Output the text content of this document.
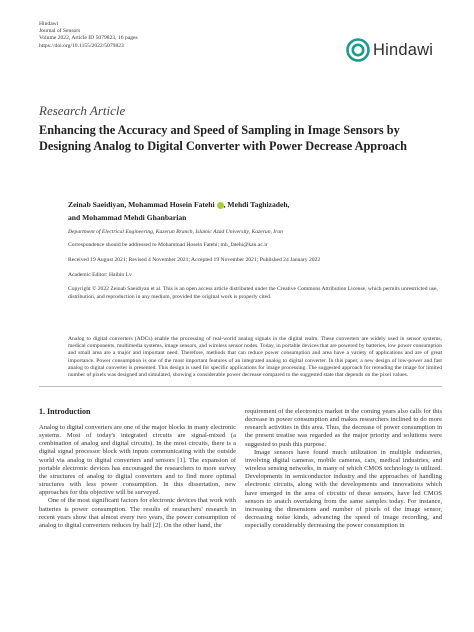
Hindawi
Journal of Sensors
Volume 2022, Article ID 5079823, 16 pages
https://doi.org/10.1155/2022/5079823	Hindawi
Research Article
Enhancing the Accuracy and Speed of Sampling in Image Sensors by Designing Analog to Digital Converter with Power Decrease Approach
Zeinab Saeidiyan, Mohammad Hosein Fatehi , Mehdi Taghizadeh,
and Mohammad Mehdi Ghanbarian
Department of Electrical Engineering, Kazerun Branch, Islamic Azad University, Kazerun, Iran
Correspondence should be addressed to Mohammad Hosein Fatehi; mh_fatehi@kau.ac.ir
Received 19 August 2021; Revised 4 November 2021; Accepted 19 November 2021; Published 24 January 2022
Academic Editor: Haibin Lv
Copyright © 2022 Zeinab Saeidiyan et al. This is an open access article distributed under the Creative Commons Attribution License, which permits unrestricted use, distribution, and reproduction in any medium, provided the original work is properly cited.
Analog to digital converters (ADCs) enable the processing of real-world analog signals in the digital realm. These converters are widely used in sensor systems, medical components, multimedia systems, image sensors, and wireless sensor nodes. Today, in portable devices that are powered by batteries, low power consumption and small area are a major and important need. Therefore, methods that can reduce power consumption and area have a variety of applications and are of great importance. Power consumption is one of the most important features of an integrated analog to digital converter. In this paper, a new design of low-power and fast analog to digital converter is presented. This design is used for specific applications for image processing. The suggested approach for rereading the image for limited number of pixels was designed and simulated, showing a considerable power decrease compared to the suggested state that depends on the pixel values.
1. Introduction

Analog to digital converters are one of the major blocks in many electronic systems. Most of today's integrated circuits are signal-mixed (a combination of analog and digital circuits). In the most circuits, there is a digital signal processor block with inputs communicating with the outside world via analog to digital converters and sensors [1]. The expansion of portable electronic devices has encouraged the researchers to more survey the structures of analog to digital converters and to find more optimal structures with less power consumption. In this dissertation, new approaches for this objective will be surveyed.

One of the most significant factors for electronic devices that work with batteries is power consumption. The results of researchers' research in recent years show that almost every two years, the power consumption of analog to digital converters reduces by half [2]. On the other hand, the

requirement of the electronics market in the coming years also calls for this decrease in power consumption and makes researchers inclined to do more research activities in this area. Thus, the decrease of power consumption in the present treatise was regarded as the major priority and solutions were suggested to push this purpose.

Image sensors have found much utilization in multiple industries, involving digital cameras, mobile cameras, cars, medical industries, and wireless sensing networks, in many of which CMOS technology is utilized. Developments in semiconductor industry and the approaches of handling electronic circuits, along with the developments and innovations which have emerged in the area of circuits of these sensors, have led CMOS sensors to snatch overtaking from the same samples today. For instance, increasing the dimensions and number of pixels of the image sensor, decreasing noise kinds, advancing the speed of image recording, and especially considerably decreasing the power consumption in
